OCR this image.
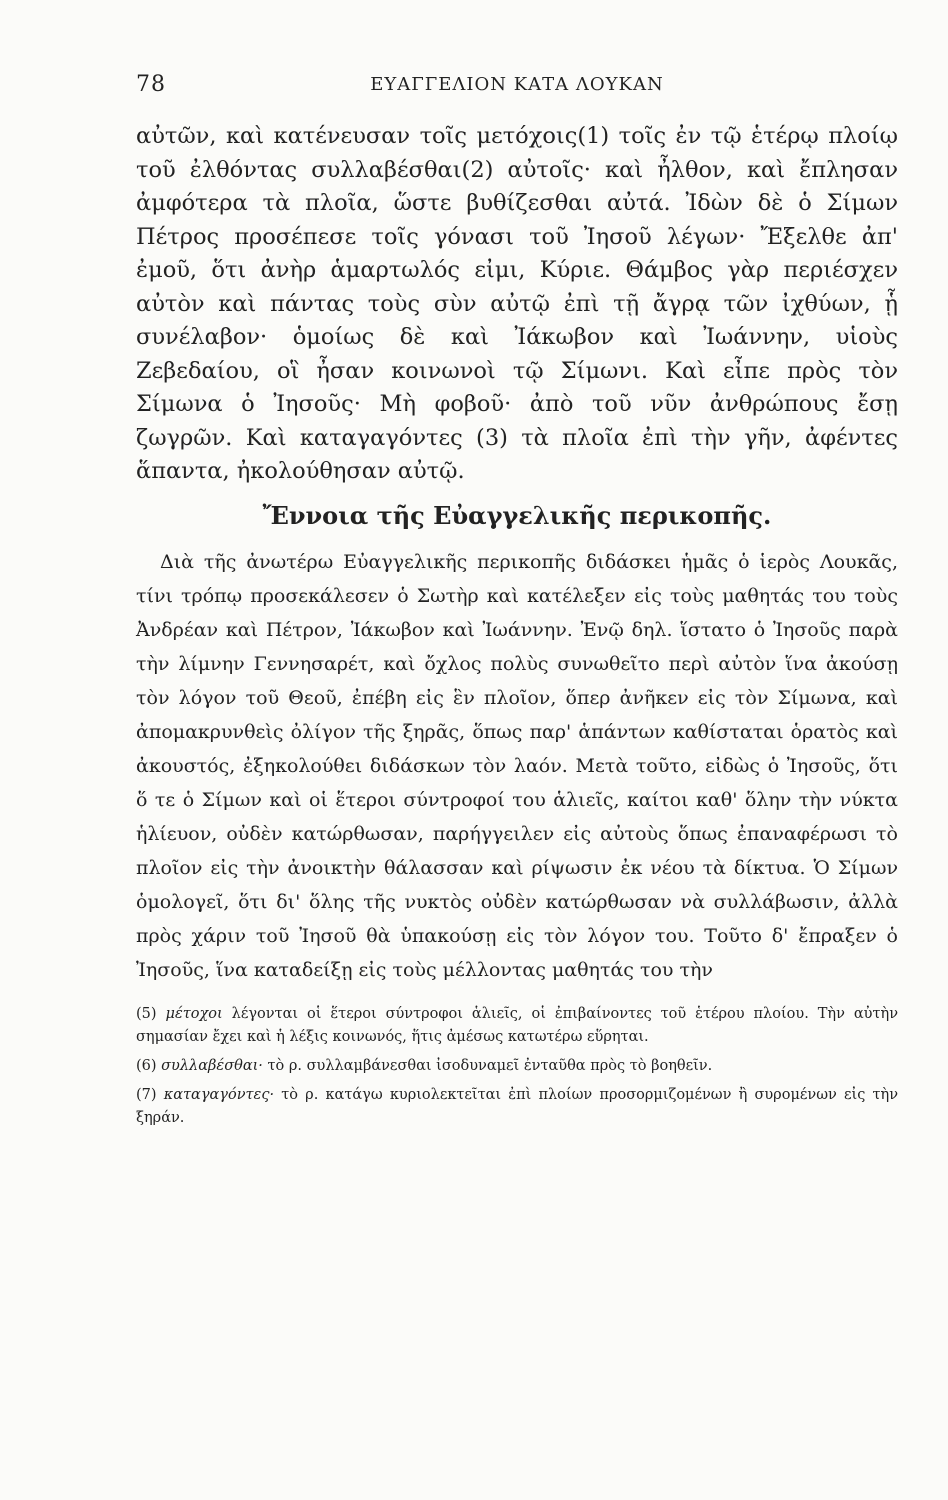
78	ΕΥΑΓΓΕΛΙΟΝ ΚΑΤΑ ΛΟΥΚΑΝ

αὐτῶν, καὶ κατένευσαν τοῖς μετόχοις(1) τοῖς ἐν τῷ ἑτέρῳ πλοίῳ τοῦ ἐλθόντας συλλαβέσθαι(2) αὐτοῖς· καὶ ἦλθον, καὶ ἔπλησαν ἀμφότερα τὰ πλοῖα, ὥστε βυθίζεσθαι αὐτά. Ἰδὼν δὲ ὁ Σίμων Πέτρος προσέπεσε τοῖς γόνασι τοῦ Ἰησοῦ λέγων· Ἔξελθε ἀπ' ἐμοῦ, ὅτι ἀνὴρ ἁμαρτωλός εἰμι, Κύριε. Θάμβος γὰρ περιέσχεν αὐτὸν καὶ πάντας τοὺς σὺν αὐτῷ ἐπὶ τῇ ἄγρᾳ τῶν ἰχθύων, ᾗ συνέλαβον· ὁμοίως δὲ καὶ Ἰάκωβον καὶ Ἰωάννην, υἱοὺς Ζεβεδαίου, οἳ ἦσαν κοινωνοὶ τῷ Σίμωνι. Καὶ εἶπε πρὸς τὸν Σίμωνα ὁ Ἰησοῦς· Μὴ φοβοῦ· ἀπὸ τοῦ νῦν ἀνθρώπους ἔσῃ ζωγρῶν. Καὶ καταγαγόντες (3) τὰ πλοῖα ἐπὶ τὴν γῆν, ἀφέντες ἅπαντα, ἠκολούθησαν αὐτῷ.

Ἔννοια τῆς Εὐαγγελικῆς περικοπῆς.

Διὰ τῆς ἀνωτέρω Εὐαγγελικῆς περικοπῆς διδάσκει ἡμᾶς ὁ ἱερὸς Λουκᾶς, τίνι τρόπῳ προσεκάλεσεν ὁ Σωτὴρ καὶ κατέλεξεν εἰς τοὺς μαθητάς του τοὺς Ἀνδρέαν καὶ Πέτρον, Ἰάκωβον καὶ Ἰωάννην. Ἐνῷ δηλ. ἵστατο ὁ Ἰησοῦς παρὰ τὴν λίμνην Γεννησαρέτ, καὶ ὄχλος πολὺς συνωθεῖτο περὶ αὐτὸν ἵνα ἀκούσῃ τὸν λόγον τοῦ Θεοῦ, ἐπέβη εἰς ἓν πλοῖον, ὅπερ ἀνῆκεν εἰς τὸν Σίμωνα, καὶ ἀπομακρυνθεὶς ὀλίγον τῆς ξηρᾶς, ὅπως παρ' ἁπάντων καθίσταται ὁρατὸς καὶ ἀκουστός, ἐξηκολούθει διδάσκων τὸν λαόν. Μετὰ τοῦτο, εἰδὼς ὁ Ἰησοῦς, ὅτι ὅ τε ὁ Σίμων καὶ οἱ ἕτεροι σύντροφοί του ἁλιεῖς, καίτοι καθ' ὅλην τὴν νύκτα ἡλίευον, οὐδὲν κατώρθωσαν, παρήγγειλεν εἰς αὐτοὺς ὅπως ἐπαναφέρωσι τὸ πλοῖον εἰς τὴν ἀνοικτὴν θάλασσαν καὶ ρίψωσιν ἐκ νέου τὰ δίκτυα. Ὁ Σίμων ὁμολογεῖ, ὅτι δι' ὅλης τῆς νυκτὸς οὐδὲν κατώρθωσαν νὰ συλλάβωσιν, ἀλλὰ πρὸς χάριν τοῦ Ἰησοῦ θὰ ὑπακούσῃ εἰς τὸν λόγον του. Τοῦτο δ' ἔπραξεν ὁ Ἰησοῦς, ἵνα καταδείξῃ εἰς τοὺς μέλλοντας μαθητάς του τὴν

(5) μέτοχοι λέγονται οἱ ἕτεροι σύντροφοι ἁλιεῖς, οἱ ἐπιβαίνοντες τοῦ ἑτέρου πλοίου. Τὴν αὐτὴν σημασίαν ἔχει καὶ ἡ λέξις κοινωνός, ἥτις ἀμέσως κατωτέρω εὕρηται.

(6) συλλαβέσθαι· τὸ ρ. συλλαμβάνεσθαι ἰσοδυναμεῖ ἐνταῦθα πρὸς τὸ βοηθεῖν.

(7) καταγαγόντες· τὸ ρ. κατάγω κυριολεκτεῖται ἐπὶ πλοίων προσορμιζομένων ἢ συρομένων εἰς τὴν ξηράν.
